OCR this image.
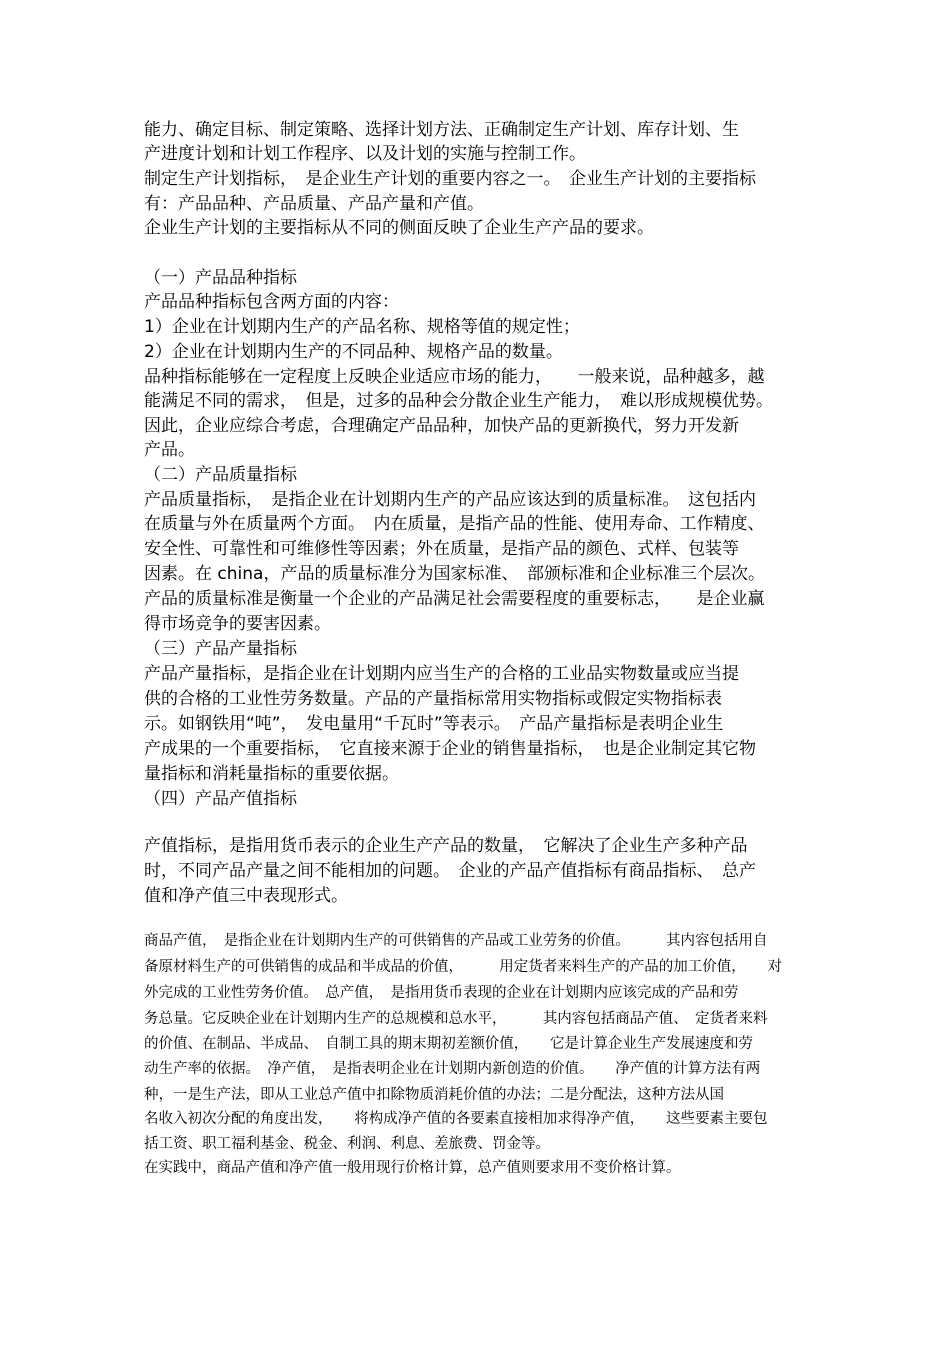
能力、确定目标、制定策略、选择计划方法、正确制定生产计划、库存计划、生
产进度计划和计划工作程序、以及计划的实施与控制工作。
制定生产计划指标，　是企业生产计划的重要内容之一。　企业生产计划的主要指标
有：产品品种、产品质量、产品产量和产值。
企业生产计划的主要指标从不同的侧面反映了企业生产产品的要求。
（一）产品品种指标
产品品种指标包含两方面的内容：
1）企业在计划期内生产的产品名称、规格等值的规定性；
2）企业在计划期内生产的不同品种、规格产品的数量。
品种指标能够在一定程度上反映企业适应市场的能力，　　一般来说，品种越多，越
能满足不同的需求，　但是，过多的品种会分散企业生产能力，　难以形成规模优势。
因此，企业应综合考虑，合理确定产品品种，加快产品的更新换代，努力开发新
产品。
（二）产品质量指标
产品质量指标，　是指企业在计划期内生产的产品应该达到的质量标准。　这包括内
在质量与外在质量两个方面。　内在质量，是指产品的性能、使用寿命、工作精度、
安全性、可靠性和可维修性等因素；外在质量，是指产品的颜色、式样、包装等
因素。在 china，产品的质量标准分为国家标准、　部颁标准和企业标准三个层次。
产品的质量标准是衡量一个企业的产品满足社会需要程度的重要标志，　　是企业赢
得市场竞争的要害因素。
（三）产品产量指标
产品产量指标，是指企业在计划期内应当生产的合格的工业品实物数量或应当提
供的合格的工业性劳务数量。产品的产量指标常用实物指标或假定实物指标表
示。如钢铁用“吨”，　发电量用“千瓦时”等表示。　产品产量指标是表明企业生
产成果的一个重要指标，　它直接来源于企业的销售量指标，　也是企业制定其它物
量指标和消耗量指标的重要依据。
（四）产品产值指标
产值指标，是指用货币表示的企业生产产品的数量，　它解决了企业生产多种产品
时，不同产品产量之间不能相加的问题。　企业的产品产值指标有商品指标、　总产
值和净产值三中表现形式。
商品产值，　是指企业在计划期内生产的可供销售的产品或工业劳务的价值。　　　其内容包括用自
备原材料生产的可供销售的成品和半成品的价值，　　　用定货者来料生产的产品的加工价值，　　对
外完成的工业性劳务价值。　总产值，　是指用货币表现的企业在计划期内应该完成的产品和劳
务总量。它反映企业在计划期内生产的总规模和总水平，　　　其内容包括商品产值、　定货者来料
的价值、在制品、半成品、　自制工具的期末期初差额价值，　　它是计算企业生产发展速度和劳
动生产率的依据。　净产值，　是指表明企业在计划期内新创造的价值。　　净产值的计算方法有两
种，一是生产法，即从工业总产值中扣除物质消耗价值的办法；二是分配法，这种方法从国
名收入初次分配的角度出发，　　将构成净产值的各要素直接相加求得净产值，　　这些要素主要包
括工资、职工福利基金、税金、利润、利息、差旅费、罚金等。
在实践中，商品产值和净产值一般用现行价格计算，总产值则要求用不变价格计算。
